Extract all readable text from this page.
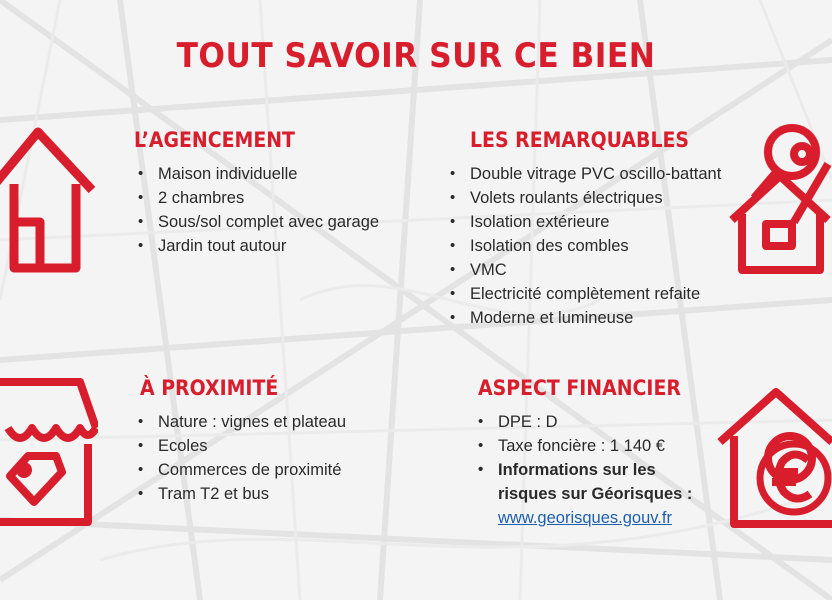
TOUT SAVOIR SUR CE BIEN
L’AGENCEMENT
• Maison individuelle
• 2 chambres
• Sous/sol complet avec garage
• Jardin tout autour
LES REMARQUABLES
• Double vitrage PVC oscillo-battant
• Volets roulants électriques
• Isolation extérieure
• Isolation des combles
• VMC
• Electricité complètement refaite
• Moderne et lumineuse
À PROXIMITÉ
• Nature : vignes et plateau
• Ecoles
• Commerces de proximité
• Tram T2 et bus
ASPECT FINANCIER
• DPE : D
• Taxe foncière : 1 140 €
• Informations sur les
risques sur Géorisques :
www.georisques.gouv.fr
